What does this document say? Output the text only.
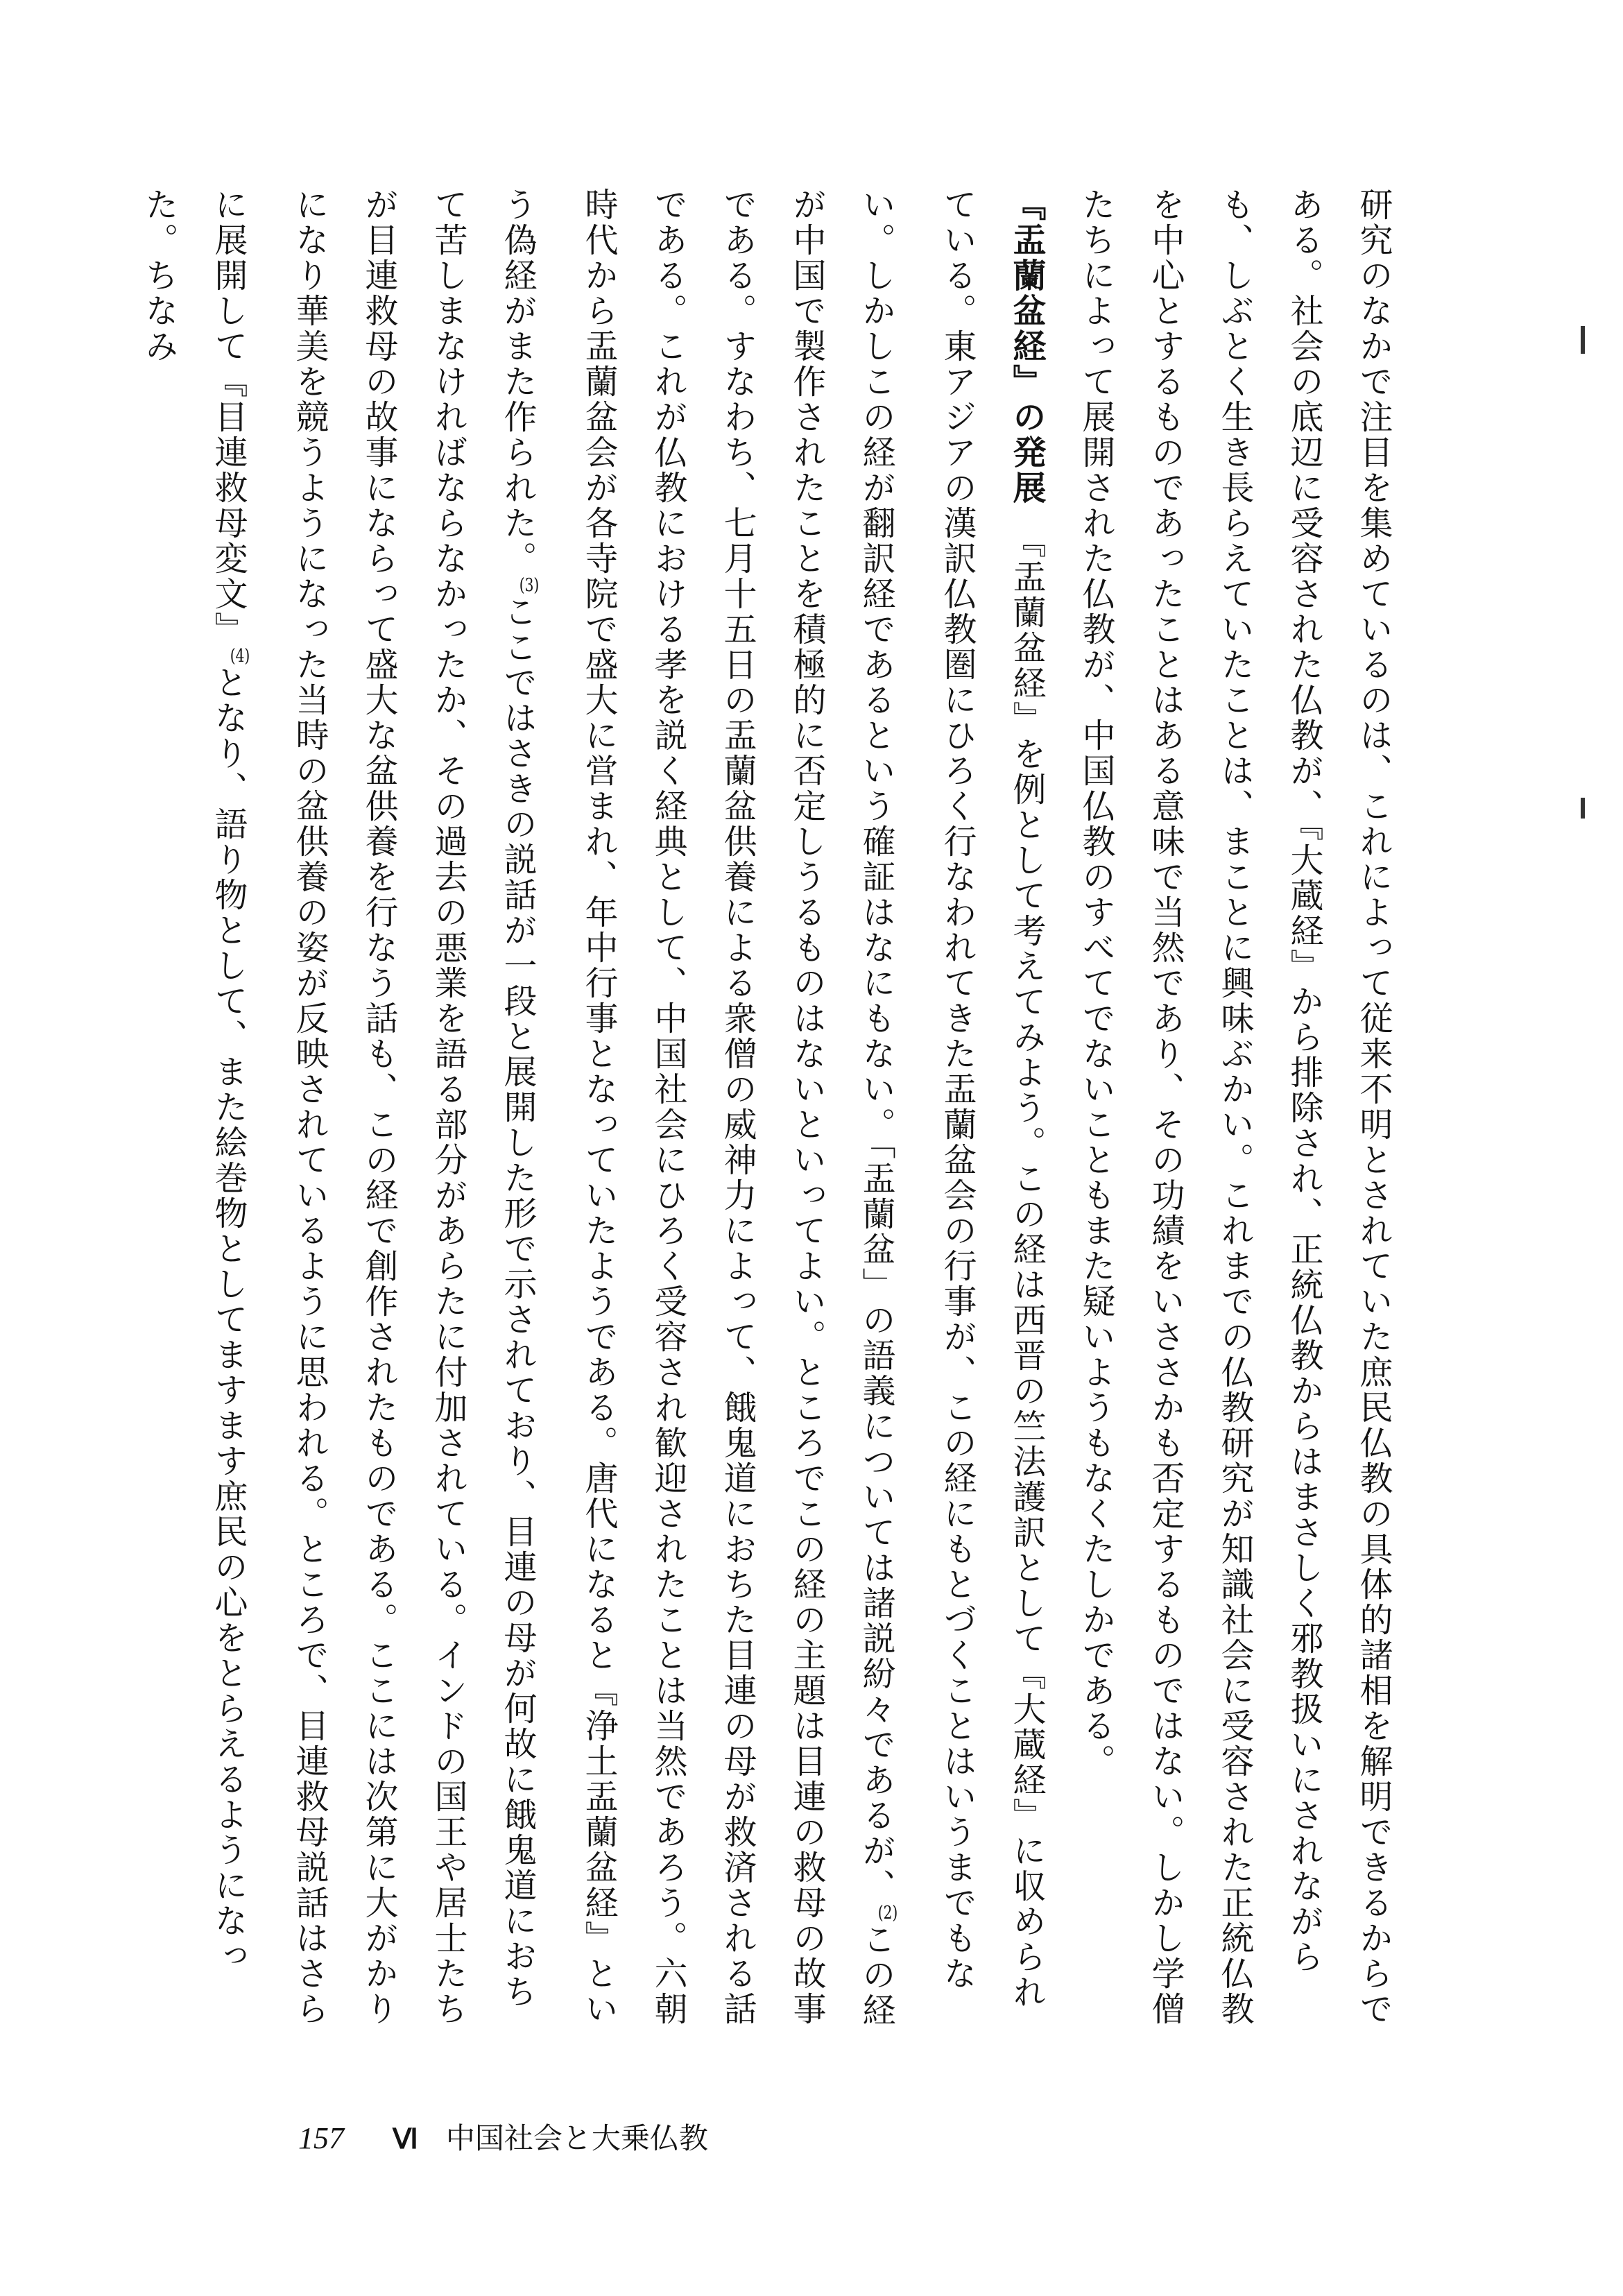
研究のなかで注目を集めているのは、これによって従来不明とされていた庶民仏教の具体的諸相を解明できるからである。社会の底辺に受容された仏教が、『大蔵経』から排除され、正統仏教からはまさしく邪教扱いにされながらも、しぶとく生き長らえていたことは、まことに興味ぶかい。これまでの仏教研究が知識社会に受容された正統仏教を中心とするものであったことはある意味で当然であり、その功績をいささかも否定するものではない。しかし学僧たちによって展開された仏教が、中国仏教のすべてでないこともまた疑いようもなくたしかである。

『盂蘭盆経』の発展　『盂蘭盆経』を例として考えてみよう。この経は西晋の竺法護訳として『大蔵経』に収められている。東アジアの漢訳仏教圏にひろく行なわれてきた盂蘭盆会の行事が、この経にもとづくことはいうまでもない。しかしこの経が翻訳経であるという確証はなにもない。「盂蘭盆」の語義については諸説紛々であるが、$^{(2)}$この経が中国で製作されたことを積極的に否定しうるものはないといってよい。ところでこの経の主題は目連の救母の故事である。すなわち、七月十五日の盂蘭盆供養による衆僧の威神力によって、餓鬼道におちた目連の母が救済される話である。これが仏教における孝を説く経典として、中国社会にひろく受容され歓迎されたことは当然であろう。六朝時代から盂蘭盆会が各寺院で盛大に営まれ、年中行事となっていたようである。唐代になると『浄土盂蘭盆経』という偽経がまた作られた。$^{(3)}$ここではさきの説話が一段と展開した形で示されており、目連の母が何故に餓鬼道におちて苦しまなければならなかったか、その過去の悪業を語る部分があらたに付加されている。インドの国王や居士たちが目連救母の故事にならって盛大な盆供養を行なう話も、この経で創作されたものである。ここには次第に大がかりになり華美を競うようになった当時の盆供養の姿が反映されているように思われる。ところで、目連救母説話はさらに展開して『目連救母変文』$^{(4)}$となり、語り物として、また絵巻物としてますます庶民の心をとらえるようになった。ちなみ

157 Ⅵ 中国社会と大乗仏教
